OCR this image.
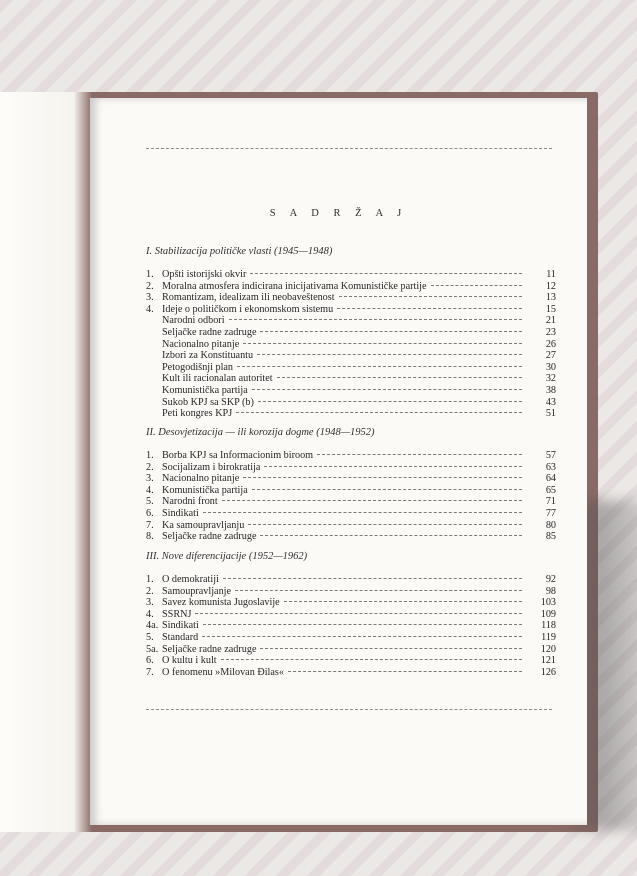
S A D R Ž A J
I. Stabilizacija političke vlasti (1945—1948)
1. Opšti istorijski okvir	11
2. Moralna atmosfera indicirana inicijativama Komunističke partije	12
3. Romantizam, idealizam ili neobaveštenost	13
4. Ideje o političkom i ekonomskom sistemu	15
Narodni odbori	21
Seljačke radne zadruge	23
Nacionalno pitanje	26
Izbori za Konstituantu	27
Petogodišnji plan	30
Kult ili racionalan autoritet	32
Komunistička partija	38
Sukob KPJ sa SKP (b)	43
Peti kongres KPJ	51
II. Desovjetizacija — ili korozija dogme (1948—1952)
1. Borba KPJ sa Informacionim biroom	57
2. Socijalizam i birokratija	63
3. Nacionalno pitanje	64
4. Komunistička partija	65
5. Narodni front	71
6. Sindikati	77
7. Ka samoupravljanju	80
8. Seljačke radne zadruge	85
III. Nove diferencijacije (1952—1962)
1. O demokratiji	92
2. Samoupravljanje	98
3. Savez komunista Jugoslavije	103
4. SSRNJ	109
4a. Sindikati	118
5. Standard	119
5a. Seljačke radne zadruge	120
6. O kultu i kult	121
7. O fenomenu »Milovan Đilas«	126
